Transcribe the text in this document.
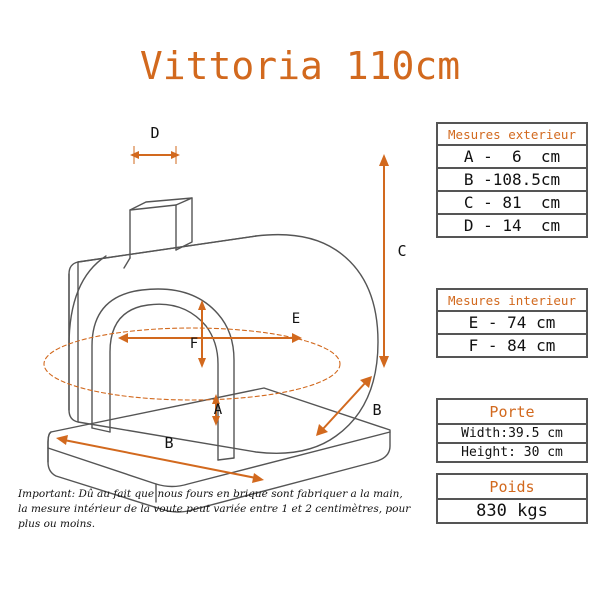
Vittoria 110cm
D
C
B
B
A
E
F
Important: Dû au fait que nous fours en brique sont fabriquer a la main,
la mesure intérieur de la voute peut variée entre 1 et 2 centimètres, pour plus ou moins.
Mesures exterieur
A -  6  cm
B -108.5cm
C - 81  cm
D - 14  cm
Mesures interieur
E - 74 cm
F - 84 cm
Porte
Width:39.5 cm
Height: 30 cm
Poids
830 kgs
